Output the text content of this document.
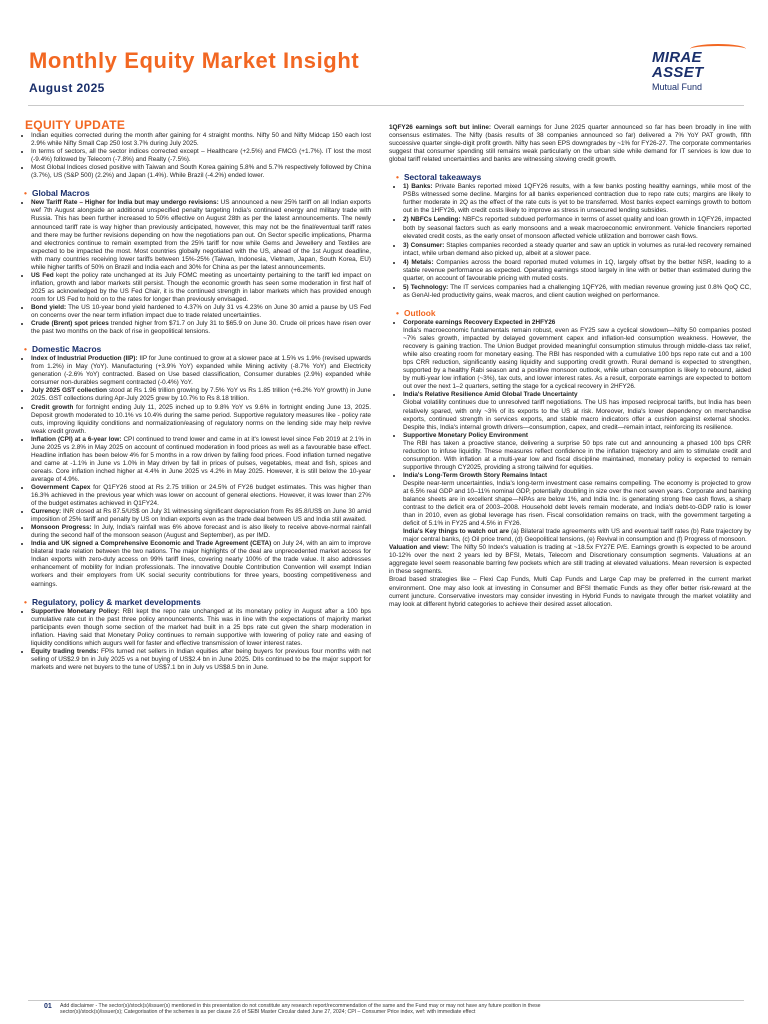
Monthly Equity Market Insight
August 2025
MIRAE ASSET
Mutual Fund
EQUITY UPDATE
• Indian equities corrected during the month after gaining for 4 straight months. Nifty 50 and Nifty Midcap 150 each lost 2.9% while Nifty Small Cap 250 lost 3.7% during July 2025.
• In terms of sectors, all the sector indices corrected except – Healthcare (+2.5%) and FMCG (+1.7%). IT lost the most (-9.4%) followed by Telecom (-7.8%) and Realty (-7.5%).
• Most Global Indices closed positive with Taiwan and South Korea gaining 5.8% and 5.7% respectively followed by China (3.7%), US (S&P 500) (2.2%) and Japan (1.4%). While Brazil (-4.2%) ended lower.
• Global Macros
• New Tariff Rate – Higher for India but may undergo revisions: US announced a new 25% tariff on all Indian exports wef 7th August alongside an additional unspecified penalty targeting India's continued energy and military trade with Russia. This has been further increased to 50% effective on August 28th as per the latest announcements. The newly announced tariff rate is way higher than previously anticipated, however, this may not be the final/eventual tariff rates and there may be further revisions depending on how the negotiations pan out. On Sector specific implications, Pharma and electronics continue to remain exempted from the 25% tariff for now while Gems and Jewellery and Textiles are expected to be impacted the most. Most countries globally negotiated with the US, ahead of the 1st August deadline, with many countries receiving lower tariffs between 15%-25% (Taiwan, Indonesia, Vietnam, Japan, South Korea, EU) while higher tariffs of 50% on Brazil and India each and 30% for China as per the latest announcements.
• US Fed kept the policy rate unchanged at its July FOMC meeting as uncertainty pertaining to the tariff led impact on inflation, growth and labor markets still persist. Though the economic growth has seen some moderation in first half of 2025 as acknowledged by the US Fed Chair, it is the continued strength in labor markets which has provided enough room for US Fed to hold on to the rates for longer than previously envisaged.
• Bond yield: The US 10-year bond yield hardened to 4.37% on July 31 vs 4.23% on June 30 amid a pause by US Fed on concerns over the near term inflation impact due to trade related uncertainties.
• Crude (Brent) spot prices trended higher from $71.7 on July 31 to $65.9 on June 30. Crude oil prices have risen over the past two months on the back of rise in geopolitical tensions.
• Domestic Macros
• Index of Industrial Production (IIP): IIP for June continued to grow at a slower pace at 1.5% vs 1.9% (revised upwards from 1.2%) in May (YoY). Manufacturing (+3.9% YoY) expanded while Mining activity (-8.7% YoY) and Electricity generation (-2.6% YoY) contracted. Based on Use based classification, Consumer durables (2.9%) expanded while consumer non-durables segment contracted (-0.4%) YoY.
• July 2025 GST collection stood at Rs 1.96 trillion growing by 7.5% YoY vs Rs 1.85 trillion (+6.2% YoY growth) in June 2025. GST collections during Apr-July 2025 grew by 10.7% to Rs 8.18 trillion.
• Credit growth for fortnight ending July 11, 2025 inched up to 9.8% YoY vs 9.6% in fortnight ending June 13, 2025. Deposit growth moderated to 10.1% vs 10.4% during the same period. Supportive regulatory measures like - policy rate cuts, improving liquidity conditions and normalization/easing of regulatory norms on the lending side may help revive weak credit growth.
• Inflation (CPI) at a 6-year low: CPI continued to trend lower and came in at it's lowest level since Feb 2019 at 2.1% in June 2025 vs 2.8% in May 2025 on account of continued moderation in food prices as well as a favourable base effect. Headline inflation has been below 4% for 5 months in a row driven by falling food prices. Food inflation turned negative and came at -1.1% in June vs 1.0% in May driven by fall in prices of pulses, vegetables, meat and fish, spices and cereals. Core inflation inched higher at 4.4% in June 2025 vs 4.2% in May 2025. However, it is still below the 10-year average of 4.9%.
• Government Capex for Q1FY26 stood at Rs 2.75 trillion or 24.5% of FY26 budget estimates. This was higher than 16.3% achieved in the previous year which was lower on account of general elections. However, it was lower than 27% of the budget estimates achieved in Q1FY24.
• Currency: INR closed at Rs 87.5/US$ on July 31 witnessing significant depreciation from Rs 85.8/US$ on June 30 amid imposition of 25% tariff and penalty by US on Indian exports even as the trade deal between US and India still awaited.
• Monsoon Progress: In July, India's rainfall was 6% above forecast and is also likely to receive above-normal rainfall during the second half of the monsoon season (August and September), as per IMD.
• India and UK signed a Comprehensive Economic and Trade Agreement (CETA) on July 24, with an aim to improve bilateral trade relation between the two nations. The major highlights of the deal are unprecedented market access for Indian exports with zero-duty access on 99% tariff lines, covering nearly 100% of the trade value. It also addresses enhancement of mobility for Indian professionals. The innovative Double Contribution Convention will exempt Indian workers and their employers from UK social security contributions for three years, boosting competitiveness and earnings.
• Regulatory, policy & market developments
• Supportive Monetary Policy: RBI kept the repo rate unchanged at its monetary policy in August after a 100 bps cumulative rate cut in the past three policy announcements. This was in line with the expectations of majority market participants even though some section of the market had built in a 25 bps rate cut given the sharp moderation in inflation. Having said that Monetary Policy continues to remain supportive with lowering of policy rate and easing of liquidity conditions which augurs well for faster and effective transmission of lower interest rates.
• Equity trading trends: FPIs turned net sellers in Indian equities after being buyers for previous four months with net selling of US$2.9 bn in July 2025 vs a net buying of US$2.4 bn in June 2025. DIIs continued to be the major support for markets and were net buyers to the tune of US$7.1 bn in July vs US$8.5 bn in June.

1QFY26 earnings soft but inline: Overall earnings for June 2025 quarter announced so far has been broadly in line with consensus estimates. The Nifty (basis results of 38 companies announced so far) delivered a 7% YoY PAT growth, fifth successive quarter single-digit profit growth. Nifty has seen EPS downgrades by ~1% for FY26-27. The corporate commentaries suggest that consumer spending still remains weak particularly on the urban side while demand for IT services is low due to global tariff related uncertainties and banks are witnessing slowing credit growth.

• Sectoral takeaways
• 1) Banks: Private Banks reported mixed 1QFY26 results, with a few banks posting healthy earnings, while most of the PSBs witnessed some decline. Margins for all banks experienced contraction due to repo rate cuts; margins are likely to further moderate in 2Q as the effect of the rate cuts is yet to be transferred. Most banks expect earnings growth to bottom out in the 1HFY26, with credit costs likely to improve as stress in unsecured lending subsides.
• 2) NBFCs Lending: NBFCs reported subdued performance in terms of asset quality and loan growth in 1QFY26, impacted both by seasonal factors such as early monsoons and a weak macroeconomic environment. Vehicle financiers reported elevated credit costs, as the early onset of monsoon affected vehicle utilization and borrower cash flows.
• 3) Consumer: Staples companies recorded a steady quarter and saw an uptick in volumes as rural-led recovery remained intact, while urban demand also picked up, albeit at a slower pace.
• 4) Metals: Companies across the board reported muted volumes in 1Q, largely offset by the better NSR, leading to a stable revenue performance as expected. Operating earnings stood largely in line with or better than estimated during the quarter, on account of favourable pricing with muted costs.
• 5) Technology: The IT services companies had a challenging 1QFY26, with median revenue growing just 0.8% QoQ CC, as GenAI-led productivity gains, weak macros, and client caution weighed on performance.
• Outlook
• Corporate earnings Recovery Expected in 2HFY26
India's macroeconomic fundamentals remain robust, even as FY25 saw a cyclical slowdown—Nifty 50 companies posted ~7% sales growth, impacted by delayed government capex and inflation-led consumption weakness. However, the recovery is gaining traction. The Union Budget provided meaningful consumption stimulus through middle-class tax relief, while also creating room for monetary easing. The RBI has responded with a cumulative 100 bps repo rate cut and a 100 bps CRR reduction, significantly easing liquidity and supporting credit growth. Rural demand is expected to strengthen, supported by a healthy Rabi season and a positive monsoon outlook, while urban consumption is likely to rebound, aided by multi-year low inflation (~3%), tax cuts, and lower interest rates. As a result, corporate earnings are expected to bottom out over the next 1–2 quarters, setting the stage for a cyclical recovery in 2HFY26.
• India's Relative Resilience Amid Global Trade Uncertainty
Global volatility continues due to unresolved tariff negotiations. The US has imposed reciprocal tariffs, but India has been relatively spared, with only ~3% of its exports to the US at risk. Moreover, India's lower dependency on merchandise exports, continued strength in services exports, and stable macro indicators offer a cushion against external shocks. Despite this, India's internal growth drivers—consumption, capex, and credit—remain intact, reinforcing its resilience.
• Supportive Monetary Policy Environment
The RBI has taken a proactive stance, delivering a surprise 50 bps rate cut and announcing a phased 100 bps CRR reduction to infuse liquidity. These measures reflect confidence in the inflation trajectory and aim to stimulate credit and consumption. With inflation at a multi-year low and fiscal discipline maintained, monetary policy is expected to remain supportive through CY2025, providing a strong tailwind for equities.
• India's Long-Term Growth Story Remains Intact
Despite near-term uncertainties, India's long-term investment case remains compelling. The economy is projected to grow at 6.5% real GDP and 10–11% nominal GDP, potentially doubling in size over the next seven years. Corporate and banking balance sheets are in excellent shape—NPAs are below 1%, and India Inc. is generating strong free cash flows, a sharp contrast to the deficit era of 2003–2008. Household debt levels remain moderate, and India's debt-to-GDP ratio is lower than in 2010, even as global leverage has risen. Fiscal consolidation remains on track, with the government targeting a deficit of 5.1% in FY25 and 4.5% in FY26.
India's Key things to watch out are (a) Bilateral trade agreements with US and eventual tariff rates (b) Rate trajectory by major central banks, (c) Oil price trend, (d) Geopolitical tensions, (e) Revival in consumption and (f) Progress of monsoon.

Valuation and view: The Nifty 50 Index's valuation is trading at ~18.5x FY27E P/E. Earnings growth is expected to be around 10-12% over the next 2 years led by BFSI, Metals, Telecom and Discretionary consumption segments. Valuations at an aggregate level seem reasonable barring few pockets which are still trading at elevated valuations. Mean reversion is expected in these segments.

Broad based strategies like – Flexi Cap Funds, Multi Cap Funds and Large Cap may be preferred in the current market environment. One may also look at investing in Consumer and BFSI thematic Funds as they offer better risk-reward at the current juncture. Conservative investors may consider investing in Hybrid Funds to navigate through the market volatility and may look at different hybrid categories to achieve their desired asset allocation.

01 Add disclaimer - The sector(s)/stock(s)/issuer(s) mentioned in this presentation do not constitute any research report/recommendation of the same and the Fund may or may not have any future position in these sector(s)/stock(s)/issuer(s); Categorisation of the schemes is as per clause 2.6 of SEBI Master Circular dated June 27, 2024; CPI – Consumer Price index, wef: with immediate effect
